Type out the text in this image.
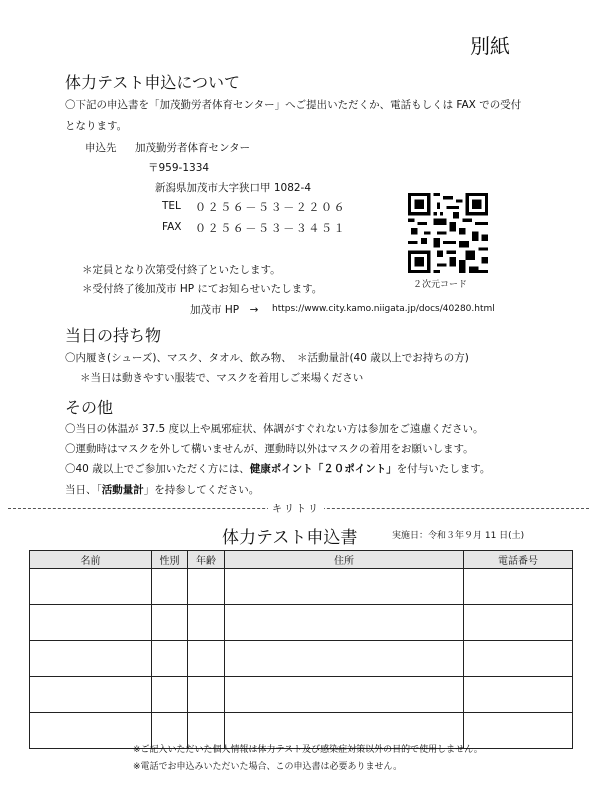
別紙
体力テスト申込について
〇下記の申込書を「加茂勤労者体育センター」へご提出いただくか、電話もしくは FAX での受付
となります。
申込先 加茂勤労者体育センター
〒959-1334
新潟県加茂市大字狭口甲 1082-4
TEL ０２５６－５３－２２０６
FAX ０２５６－５３－３４５１
＊定員となり次第受付終了といたします。
＊受付終了後加茂市 HP にてお知らせいたします。
加茂市 HP　→ https://www.city.kamo.niigata.jp/docs/40280.html
２次元コード
当日の持ち物
〇内履き(シューズ)、マスク、タオル、飲み物、　＊活動量計(40 歳以上でお持ちの方)
＊当日は動きやすい服装で、マスクを着用しご来場ください
その他
〇当日の体温が 37.5 度以上や風邪症状、体調がすぐれない方は参加をご遠慮ください。
〇運動時はマスクを外して構いませんが、運動時以外はマスクの着用をお願いします。
〇40 歳以上でご参加いただく方には、健康ポイント「２０ポイント」を付与いたします。
当日、「活動量計」を持参してください。
キリトリ
体力テスト申込書	実施日：令和３年９月 11 日(土)
名前	性別	年齢	住所	電話番号

※ご記入いただいた個人情報は体力テスト及び感染症対策以外の目的で使用しません。
※電話でお申込みいただいた場合、この申込書は必要ありません。
